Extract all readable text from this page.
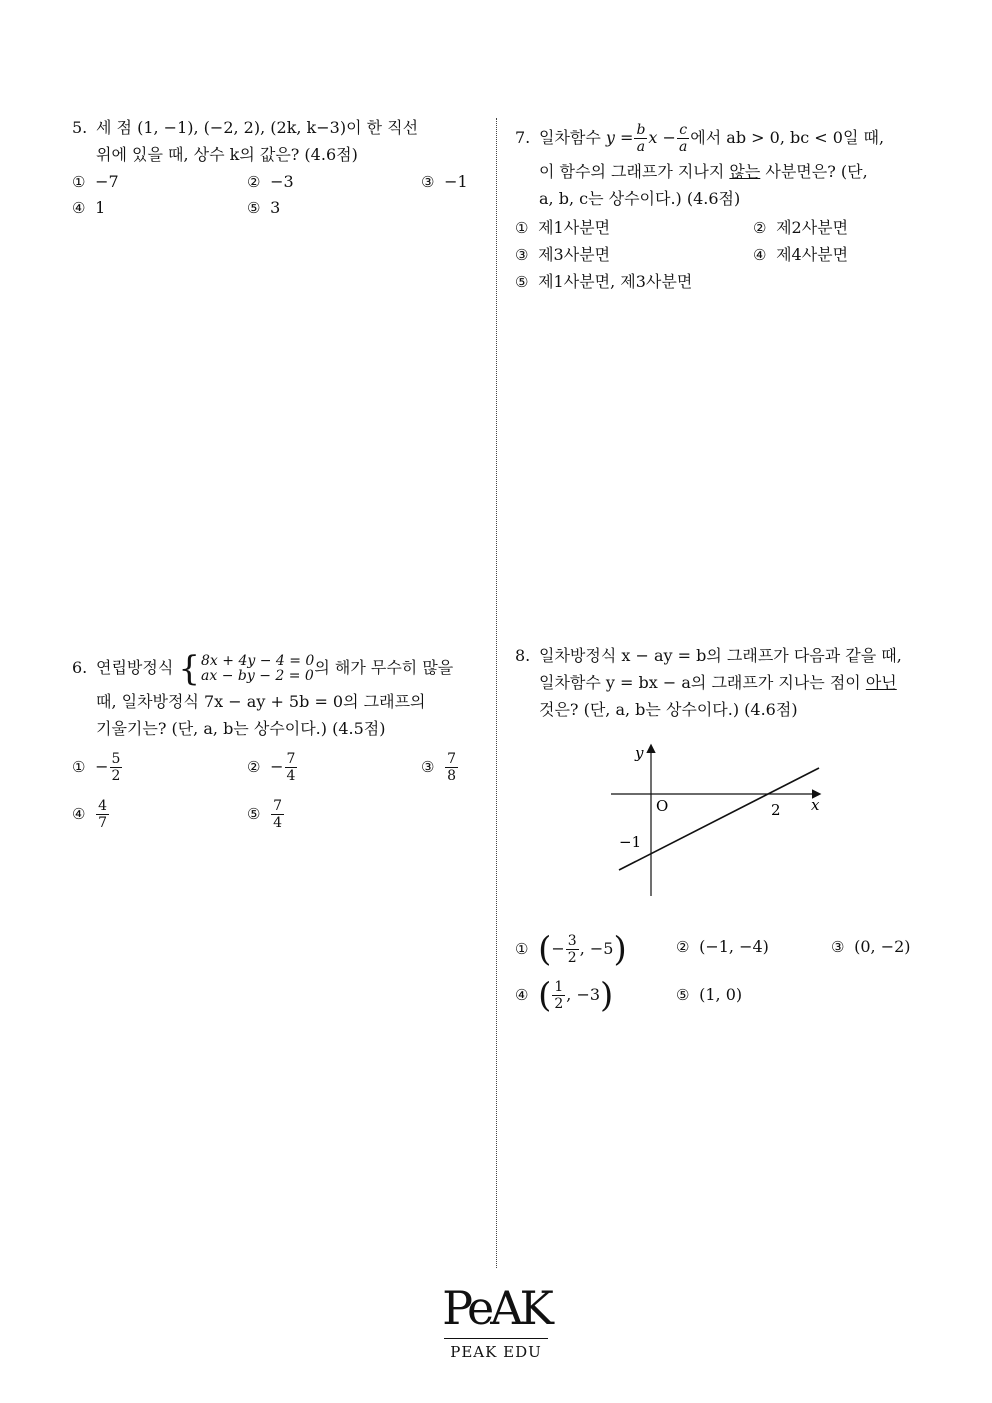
5. 세 점 (1, −1), (−2, 2), (2k, k−3)이 한 직선
위에 있을 때, 상수 k의 값은? (4.6점)
① −7	② −3	③ −1
④ 1	⑤ 3
6. 연립방정식 { 8x + 4y − 4 = 0
ax − by − 2 = 0 의 해가 무수히 많을
때, 일차방정식 7x − ay + 5b = 0의 그래프의
기울기는? (단, a, b는 상수이다.) (4.5점)
① − $\frac{5}{2}$	② − $\frac{7}{4}$	③ $\frac{7}{8}$
④ $\frac{4}{7}$	⑤ $\frac{7}{4}$
7. 일차함수 $y = \frac{b}{a}$ $x - \frac{c}{a}$ 에서 ab > 0, bc < 0일 때,
이 함수의 그래프가 지나지 않는 사분면은? (단,
a, b, c는 상수이다.) (4.6점)
① 제1사분면	② 제2사분면
③ 제3사분면	④ 제4사분면
⑤ 제1사분면, 제3사분면
8. 일차방정식 x − ay = b의 그래프가 다음과 같을 때,
일차함수 y = bx − a의 그래프가 지나는 점이 아닌
것은? (단, a, b는 상수이다.) (4.6점)
y
x
O	2
−1
① (− $\frac{3}{2}$ , −5)	② (−1, −4)	③ (0, −2)
④ ( $\frac{1}{2}$ , −3)	⑤ (1, 0)
PeAK
PEAK EDU
